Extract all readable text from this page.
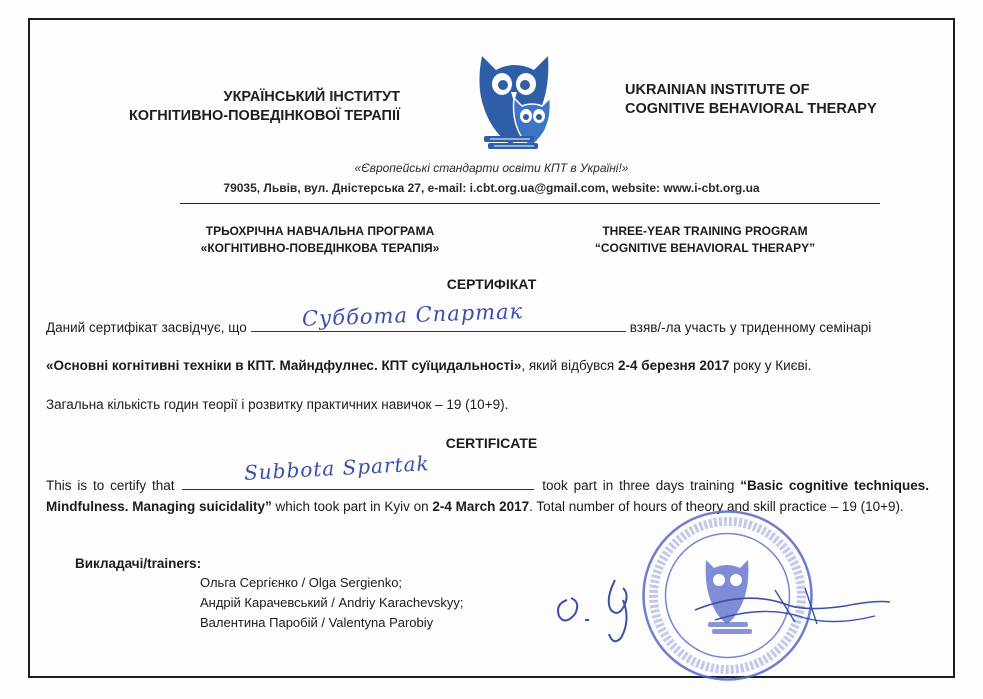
УКРАЇНСЬКИЙ ІНСТИТУТ
КОГНІТИВНО-ПОВЕДІНКОВОЇ ТЕРАПІЇ
UKRAINIAN INSTITUTE OF
COGNITIVE BEHAVIORAL THERAPY
«Європейські стандарти освіти КПТ в Україні!»
79035, Львів, вул. Дністерська 27, e-mail: i.cbt.org.ua@gmail.com, website: www.i-cbt.org.ua
ТРЬОХРІЧНА НАВЧАЛЬНА ПРОГРАМА
«КОГНІТИВНО-ПОВЕДІНКОВА ТЕРАПІЯ»
THREE-YEAR TRAINING PROGRAM
“COGNITIVE BEHAVIORAL THERAPY”
СЕРТИФІКАТ
Даний сертифікат засвідчує, що	взяв/-ла участь у триденному семінарі
Суббота Спартак
«Основні когнітивні техніки в КПТ. Майндфулнес. КПТ суїцидальності», який відбувся 2-4 березня 2017 року у Києві.
Загальна кількість годин теорії і розвитку практичних навичок – 19 (10+9).
CERTIFICATE
This is to certify that	took part in three days training “Basic cognitive techniques. Mindfulness. Managing suicidality” which took part in Kyiv on 2-4 March 2017. Total number of hours of theory and skill practice – 19 (10+9).
Subbota Spartak
Викладачі/trainers:
Ольга Сергієнко / Olga Sergienko;
Андрій Карачевський / Andriy Karachevskyy;
Валентина Паробій / Valentyna Parobiy
